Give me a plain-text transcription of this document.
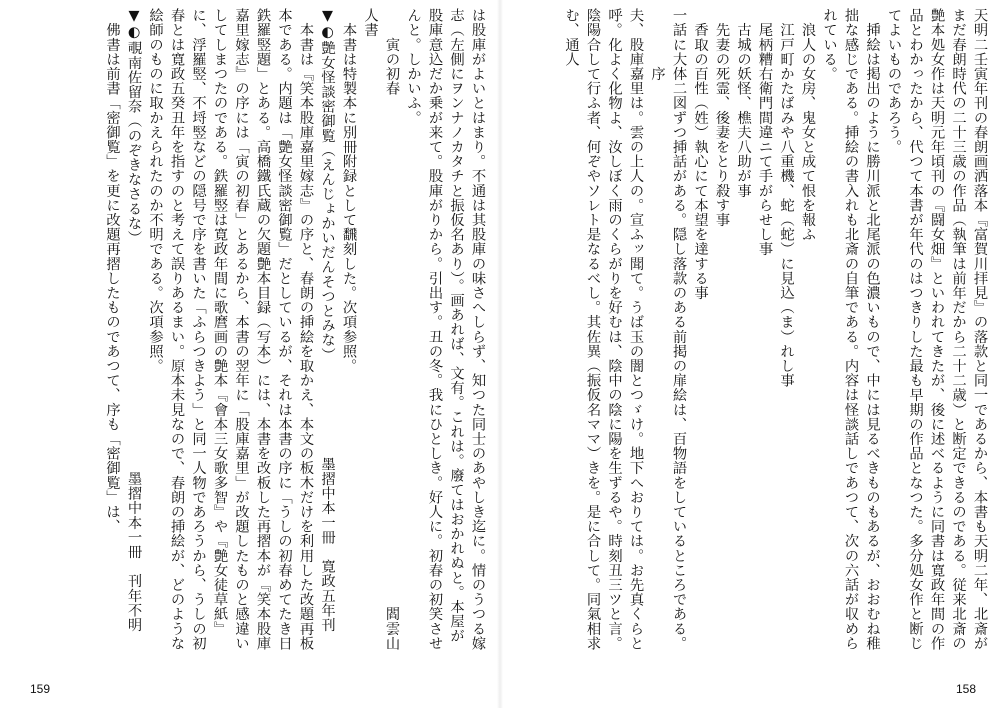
天明二壬寅年刊の春朗画洒落本『富賀川拝見』の落款と同一であるから、本書も天明二年、北斎がまだ春朗時代の二十三歳の作品（執筆は前年だから二十二歳）と断定できるのである。従来北斎の艶本処女作は天明元年頃刊の『闘女畑』といわれてきたが、後に述べるように同書は寛政年間の作品とわかったから、代つて本書が年代のはつきりした最も早期の作品となつた。多分処女作と断じてよいものであろう。
　挿絵は掲出のように勝川派と北尾派の色濃いもので、中には見るべきものもあるが、おおむね稚拙な感じである。挿絵の書入れも北斎の自筆である。内容は怪談話しであつて、次の六話が収められている。
　浪人の女房、鬼女と成て恨を報ふ
　江戸町かたばみや八重機、蛇（蛇）に見込（ま）れし事
　尾柄糟右衛門間違ニて手がらせし事
　古城の妖怪、樵夫八助が事
　先妻の死霊、後妻をとり殺す事
　香取の百性（姓）執心にて本望を達する事
一話に大体二図ずつ挿話がある。隠し落款のある前掲の扉絵は、百物語をしているところである。
　　　　序
夫、股庫嘉里は。雲の上人の。宣ふッ聞て。うば玉の闇とつゞけ。地下へおりては。お先真くらと呼。化よく化物よ、汝しぼく雨のくらがりを好むは、陰中の陰に陽を生ずるや。時刻丑三ツと言。陰陽合して行ふ者、何ぞやソレト是なるべし。其佐異（振仮名ママ）きを。是に合して。同氣相求む、通人
158
は股庫がよいとはまり。不通は其股庫の味さへしらず、知つた同士のあやしき迄に。情のうつる嫁志（左側にヲンナノカタチと振仮名あり）。画あれば、文有。これは。廢てはおかれぬと。本屋が股庫意込だか乗が来て。股庫がりから。引出す。丑の冬。我にひとしき。好人に。初春の初笑させんと。しかいふ。
　　寅の初春　　　　　　　　　　　　　　　　　　　　　　　　　　　　　　　　　　　閻雲山人書
　本書は特製本に別冊附録として飜刻した。次項参照。
▼◐艶女怪談密御覧（えんじょかいだんそつとみな）　　　　　　　墨摺中本一冊　寛政五年刊
　本書は『笑本股庫嘉里嫁志』の序と、春朗の挿絵を取かえ、本文の板木だけを利用した改題再板本である。内題は「艶女怪談密御覧」だとしているが、それは本書の序に「うしの初春めてたき日　鉄羅竪題」とある。高橋鐵氏蔵の欠題艶本目録（写本）には、本書を改板した再摺本が『笑本股庫嘉里嫁志』の序には「寅の初春」とあるから、本書の翌年に「股庫嘉里」が改題したものと感違いしてしまつたのである。鉄羅竪は寛政年間に歌麿画の艶本『會本三女歌多智』や『艶女徒草紙』に、浮羅竪、不埒竪などの隠号で序を書いた「ふらつきよう」と同一人物であろうから、うしの初春とは寛政五癸丑年を指すのと考えて誤りあるまい。原本未見なので、春朗の挿絵が、どのような絵師のものに取かえられたのか不明である。次項参照。
▼◐覗南佐留奈（のぞきなさるな）　　　　　　　　　　　　　　　　墨摺中本一冊　刊年不明
　佛書は前書「密御覧」を更に改題再摺したものであつて、序も「密御覧」は、
159
